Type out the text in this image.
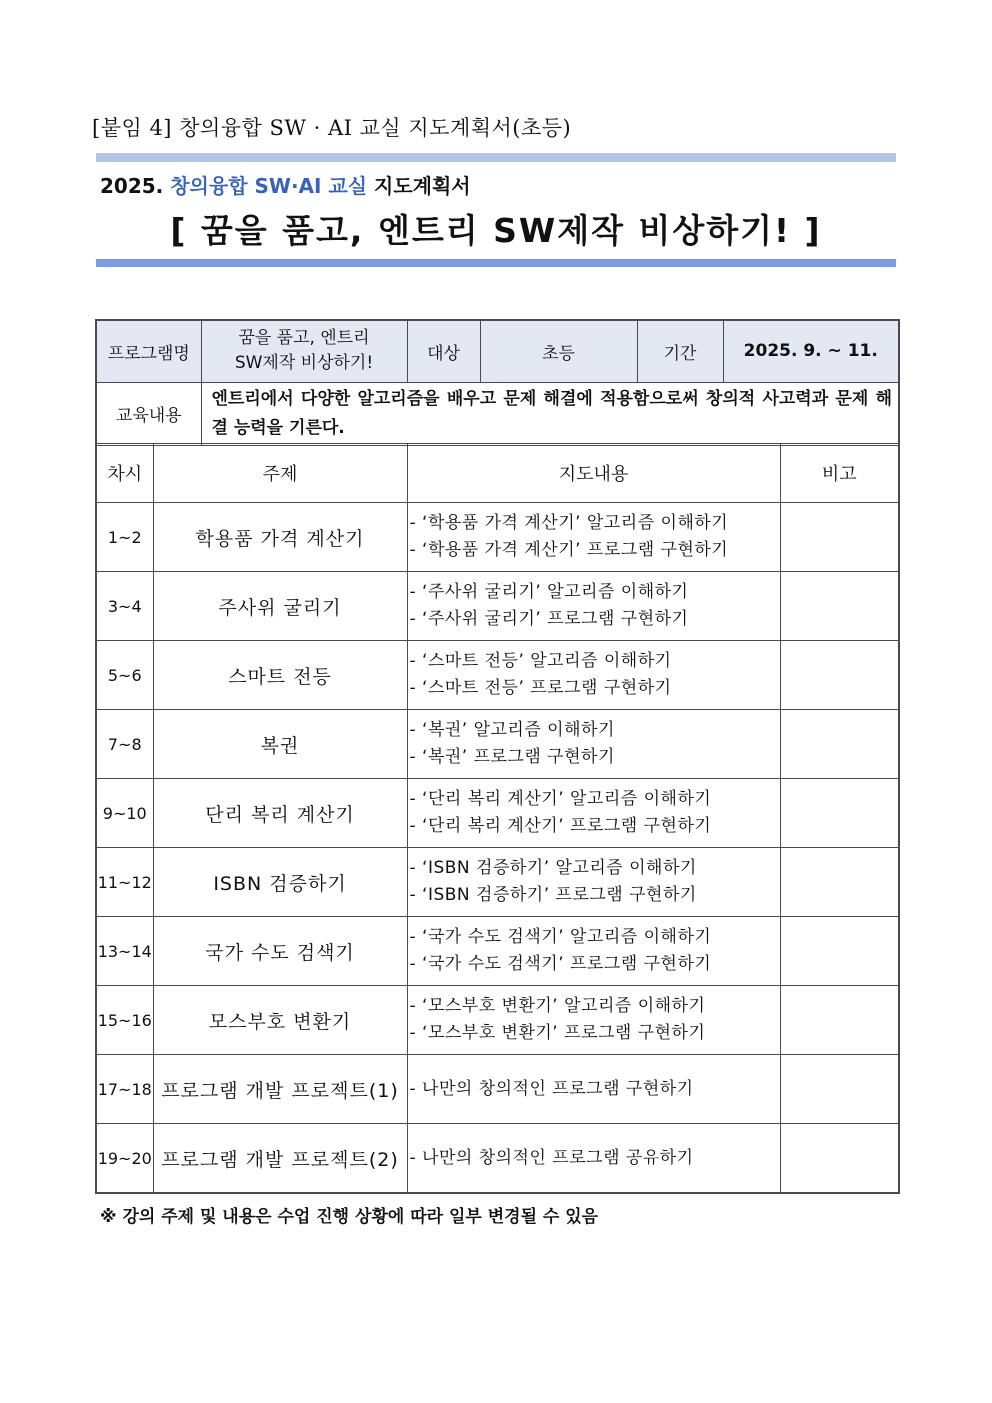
[붙임 4] 창의융합 SW · AI 교실 지도계획서(초등)
2025. 창의융합 SW·AI 교실 지도계획서
[ 꿈을 품고, 엔트리 SW제작 비상하기! ]
프로그램명	꿈을 품고, 엔트리
SW제작 비상하기!	대상	초등	기간	2025. 9. ~ 11.
교육내용	엔트리에서 다양한 알고리즘을 배우고 문제 해결에 적용함으로써 창의적 사고력과 문제 해결 능력을 기른다.				
차시	주제	지도내용	비고
1~2	학용품 가격 계산기	- ‘학용품 가격 계산기’ 알고리즘 이해하기
- ‘학용품 가격 계산기’ 프로그램 구현하기	

3~4	주사위 굴리기	- ‘주사위 굴리기’ 알고리즘 이해하기
- ‘주사위 굴리기’ 프로그램 구현하기	

5~6	스마트 전등	- ‘스마트 전등’ 알고리즘 이해하기
- ‘스마트 전등’ 프로그램 구현하기	

7~8	복권	- ‘복권’ 알고리즘 이해하기
- ‘복권’ 프로그램 구현하기	

9~10	단리 복리 계산기	- ‘단리 복리 계산기’ 알고리즘 이해하기
- ‘단리 복리 계산기’ 프로그램 구현하기	

11~12	ISBN 검증하기	- ‘ISBN 검증하기’ 알고리즘 이해하기
- ‘ISBN 검증하기’ 프로그램 구현하기	

13~14	국가 수도 검색기	- ‘국가 수도 검색기’ 알고리즘 이해하기
- ‘국가 수도 검색기’ 프로그램 구현하기	

15~16	모스부호 변환기	- ‘모스부호 변환기’ 알고리즘 이해하기
- ‘모스부호 변환기’ 프로그램 구현하기	

17~18	프로그램 개발 프로젝트(1)	- 나만의 창의적인 프로그램 구현하기	

19~20	프로그램 개발 프로젝트(2)	- 나만의 창의적인 프로그램 공유하기	

※ 강의 주제 및 내용은 수업 진행 상황에 따라 일부 변경될 수 있음
